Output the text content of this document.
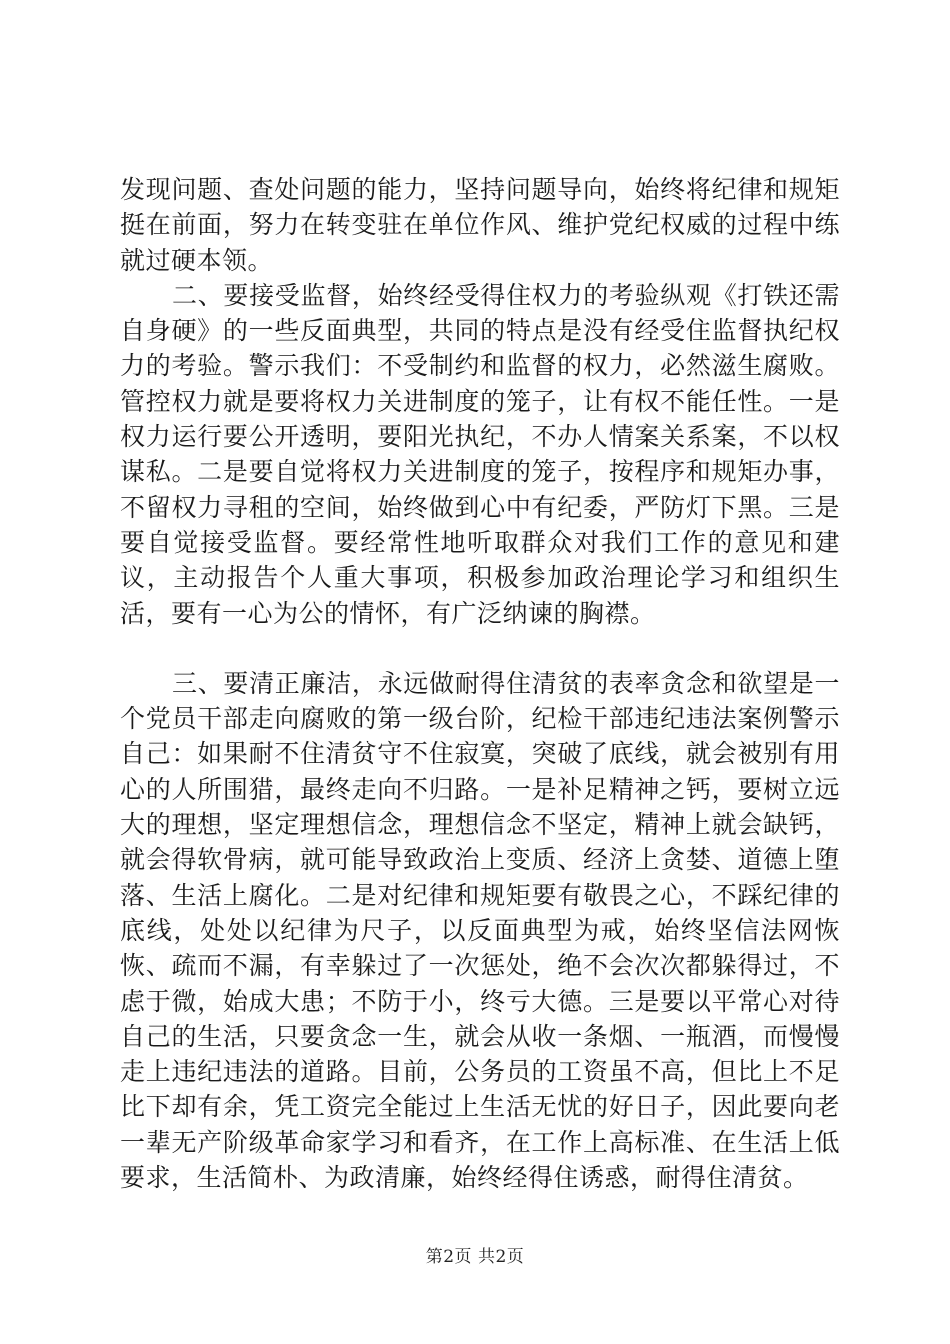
发现问题、查处问题的能力，坚持问题导向，始终将纪律和规矩挺在前面，努力在转变驻在单位作风、维护党纪权威的过程中练就过硬本领。

二、要接受监督，始终经受得住权力的考验纵观《打铁还需自身硬》的一些反面典型，共同的特点是没有经受住监督执纪权力的考验。警示我们：不受制约和监督的权力，必然滋生腐败。管控权力就是要将权力关进制度的笼子，让有权不能任性。一是权力运行要公开透明，要阳光执纪，不办人情案关系案，不以权谋私。二是要自觉将权力关进制度的笼子，按程序和规矩办事，不留权力寻租的空间，始终做到心中有纪委，严防灯下黑。三是要自觉接受监督。要经常性地听取群众对我们工作的意见和建议，主动报告个人重大事项，积极参加政治理论学习和组织生活，要有一心为公的情怀，有广泛纳谏的胸襟。

三、要清正廉洁，永远做耐得住清贫的表率贪念和欲望是一个党员干部走向腐败的第一级台阶，纪检干部违纪违法案例警示自己：如果耐不住清贫守不住寂寞，突破了底线，就会被别有用心的人所围猎，最终走向不归路。一是补足精神之钙，要树立远大的理想，坚定理想信念，理想信念不坚定，精神上就会缺钙，就会得软骨病，就可能导致政治上变质、经济上贪婪、道德上堕落、生活上腐化。二是对纪律和规矩要有敬畏之心，不踩纪律的底线，处处以纪律为尺子，以反面典型为戒，始终坚信法网恢恢、疏而不漏，有幸躲过了一次惩处，绝不会次次都躲得过，不虑于微，始成大患；不防于小，终亏大德。三是要以平常心对待自己的生活，只要贪念一生，就会从收一条烟、一瓶酒，而慢慢走上违纪违法的道路。目前，公务员的工资虽不高，但比上不足比下却有余，凭工资完全能过上生活无忧的好日子，因此要向老一辈无产阶级革命家学习和看齐，在工作上高标准、在生活上低要求，生活简朴、为政清廉，始终经得住诱惑，耐得住清贫。

第2页 共2页
